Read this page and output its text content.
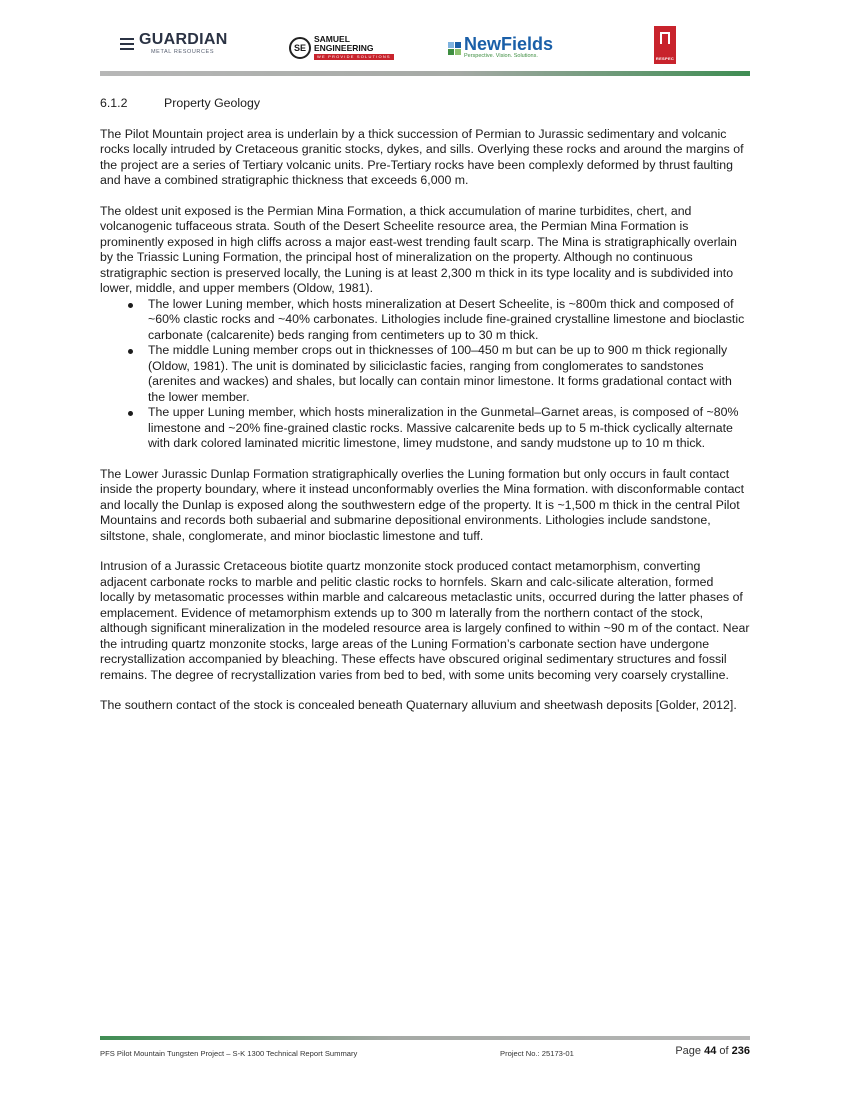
GUARDIAN
METAL RESOURCES	SE
SAMUEL
ENGINEERING
WE PROVIDE SOLUTIONS
NewFields
Perspective. Vision. Solutions.	RESPEC
6.1.2	Property Geology

The Pilot Mountain project area is underlain by a thick succession of Permian to Jurassic sedimentary and volcanic rocks locally intruded by Cretaceous granitic stocks, dykes, and sills. Overlying these rocks and around the margins of the project are a series of Tertiary volcanic units. Pre-Tertiary rocks have been complexly deformed by thrust faulting and have a combined stratigraphic thickness that exceeds 6,000 m.

The oldest unit exposed is the Permian Mina Formation, a thick accumulation of marine turbidites, chert, and volcanogenic tuffaceous strata. South of the Desert Scheelite resource area, the Permian Mina Formation is prominently exposed in high cliffs across a major east-west trending fault scarp. The Mina is stratigraphically overlain by the Triassic Luning Formation, the principal host of mineralization on the property. Although no continuous stratigraphic section is preserved locally, the Luning is at least 2,300 m thick in its type locality and is subdivided into lower, middle, and upper members (Oldow, 1981).

The lower Luning member, which hosts mineralization at Desert Scheelite, is ~800m thick and composed of ~60% clastic rocks and ~40% carbonates. Lithologies include fine-grained crystalline limestone and bioclastic carbonate (calcarenite) beds ranging from centimeters up to 30 m thick.
The middle Luning member crops out in thicknesses of 100–450 m but can be up to 900 m thick regionally (Oldow, 1981). The unit is dominated by siliciclastic facies, ranging from conglomerates to sandstones (arenites and wackes) and shales, but locally can contain minor limestone. It forms gradational contact with the lower member.
The upper Luning member, which hosts mineralization in the Gunmetal–Garnet areas, is composed of ~80% limestone and ~20% fine-grained clastic rocks. Massive calcarenite beds up to 5 m-thick cyclically alternate with dark colored laminated micritic limestone, limey mudstone, and sandy mudstone up to 10 m thick.

The Lower Jurassic Dunlap Formation stratigraphically overlies the Luning formation but only occurs in fault contact inside the property boundary, where it instead unconformably overlies the Mina formation. with disconformable contact and locally the Dunlap is exposed along the southwestern edge of the property. It is ~1,500 m thick in the central Pilot Mountains and records both subaerial and submarine depositional environments. Lithologies include sandstone, siltstone, shale, conglomerate, and minor bioclastic limestone and tuff.

Intrusion of a Jurassic Cretaceous biotite quartz monzonite stock produced contact metamorphism, converting adjacent carbonate rocks to marble and pelitic clastic rocks to hornfels. Skarn and calc-silicate alteration, formed locally by metasomatic processes within marble and calcareous metaclastic units, occurred during the latter phases of emplacement. Evidence of metamorphism extends up to 300 m laterally from the northern contact of the stock, although significant mineralization in the modeled resource area is largely confined to within ~90 m of the contact. Near the intruding quartz monzonite stocks, large areas of the Luning Formation’s carbonate section have undergone recrystallization accompanied by bleaching. These effects have obscured original sedimentary structures and fossil remains. The degree of recrystallization varies from bed to bed, with some units becoming very coarsely crystalline.

The southern contact of the stock is concealed beneath Quaternary alluvium and sheetwash deposits [Golder, 2012].

PFS Pilot Mountain Tungsten Project – S-K 1300 Technical Report Summary	Project No.: 25173-01	Page 44 of 236
